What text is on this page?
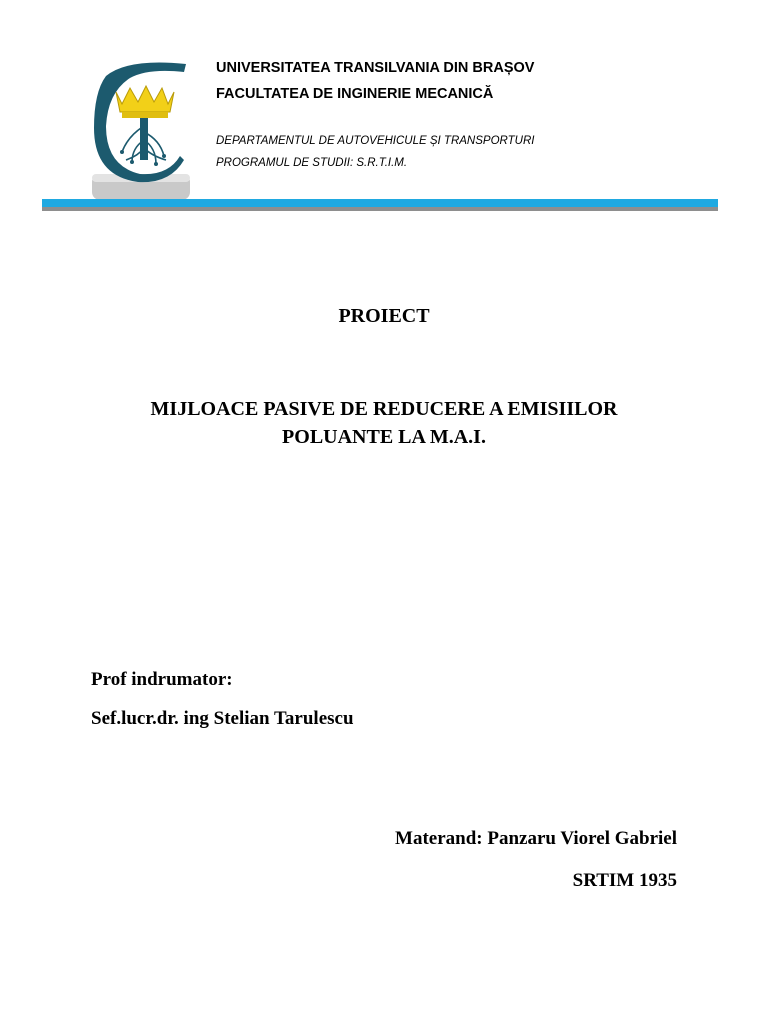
UNIVERSITATEA TRANSILVANIA DIN BRAȘOV
FACULTATEA DE INGINERIE MECANICĂ
DEPARTAMENTUL DE AUTOVEHICULE ȘI TRANSPORTURI
PROGRAMUL DE STUDII: S.R.T.I.M.
PROIECT
MIJLOACE PASIVE DE REDUCERE A EMISIILOR
POLUANTE LA M.A.I.
Prof indrumator:
Sef.lucr.dr. ing Stelian Tarulescu
Materand: Panzaru Viorel Gabriel
SRTIM 1935
